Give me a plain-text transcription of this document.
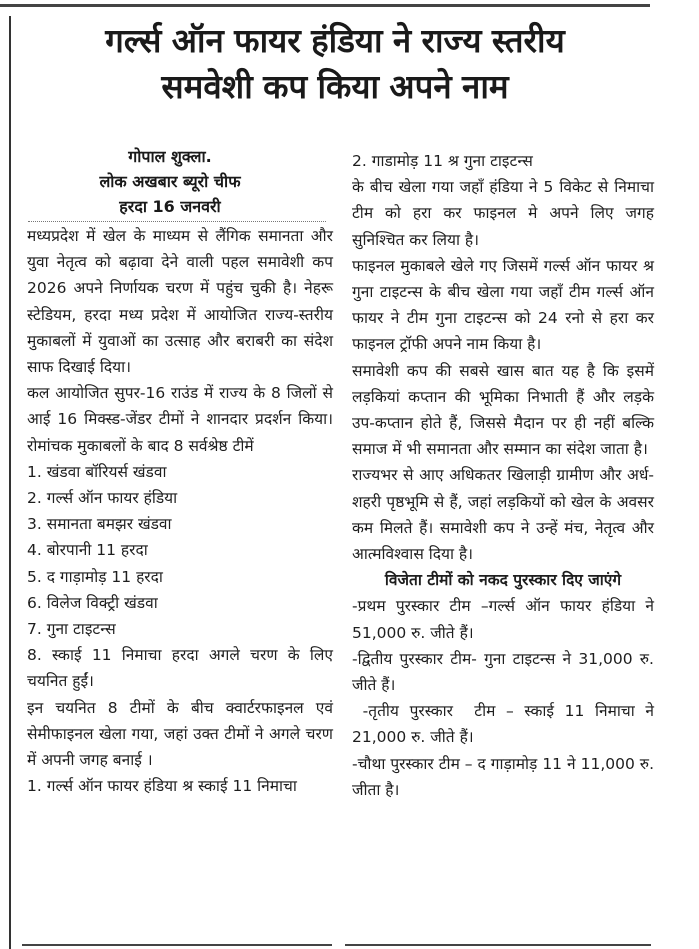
गर्ल्स ऑन फायर हंडिया ने राज्य स्तरीय
समवेशी कप किया अपने नाम
गोपाल शुक्ला.
लोक अखबार ब्यूरो चीफ
हरदा 16 जनवरी

मध्यप्रदेश में खेल के माध्यम से लैंगिक समानता और युवा नेतृत्व को बढ़ावा देने वाली पहल समावेशी कप 2026 अपने निर्णायक चरण में पहुंच चुकी है। नेहरू स्टेडियम, हरदा मध्य प्रदेश में आयोजित राज्य-स्तरीय मुकाबलों में युवाओं का उत्साह और बराबरी का संदेश साफ दिखाई दिया।

कल आयोजित सुपर-16 राउंड में राज्य के 8 जिलों से आई 16 मिक्स्ड-जेंडर टीमों ने शानदार प्रदर्शन किया। रोमांचक मुकाबलों के बाद 8 सर्वश्रेष्ठ टीमें

1. खंडवा बॉरियर्स खंडवा

2. गर्ल्स ऑन फायर हंडिया

3. समानता बमझर खंडवा

4. बोरपानी 11 हरदा

5. द गाड़ामोड़ 11 हरदा

6. विलेज विक्ट्री खंडवा

7. गुना टाइटन्स

8. स्काई 11 निमाचा हरदा अगले चरण के लिए चयनित हुईं।

इन चयनित 8 टीमों के बीच क्वार्टरफाइनल एवं सेमीफाइनल खेला गया, जहां उक्त टीमों ने अगले चरण में अपनी जगह बनाई ।

1. गर्ल्स ऑन फायर हंडिया श्र स्काई 11 निमाचा

2. गाडामोड़ 11 श्र गुना टाइटन्स

के बीच खेला गया जहाँ हंडिया ने 5 विकेट से निमाचा टीम को हरा कर फाइनल मे अपने लिए जगह सुनिश्चित कर लिया है।

फाइनल मुकाबले खेले गए जिसमें गर्ल्स ऑन फायर श्र गुना टाइटन्स के बीच खेला गया जहाँ टीम गर्ल्स ऑन फायर ने टीम गुना टाइटन्स को 24 रनो से हरा कर फाइनल ट्रॉफी अपने नाम किया है।

समावेशी कप की सबसे खास बात यह है कि इसमें लड़कियां कप्तान की भूमिका निभाती हैं और लड़के उप-कप्तान होते हैं, जिससे मैदान पर ही नहीं बल्कि समाज में भी समानता और सम्मान का संदेश जाता है।

राज्यभर से आए अधिकतर खिलाड़ी ग्रामीण और अर्ध-शहरी पृष्ठभूमि से हैं, जहां लड़कियों को खेल के अवसर कम मिलते हैं। समावेशी कप ने उन्हें मंच, नेतृत्व और आत्मविश्वास दिया है।

विजेता टीमों को नकद पुरस्कार दिए जाएंगे

-प्रथम पुरस्कार टीम –गर्ल्स ऑन फायर हंडिया ने 51,000 रु. जीते हैं।

-द्वितीय पुरस्कार टीम- गुना टाइटन्स ने 31,000 रु. जीते हैं।

-तृतीय पुरस्कार  टीम – स्काई 11 निमाचा ने 21,000 रु. जीते हैं।

-चौथा पुरस्कार टीम – द गाड़ामोड़ 11 ने 11,000 रु. जीता है।
